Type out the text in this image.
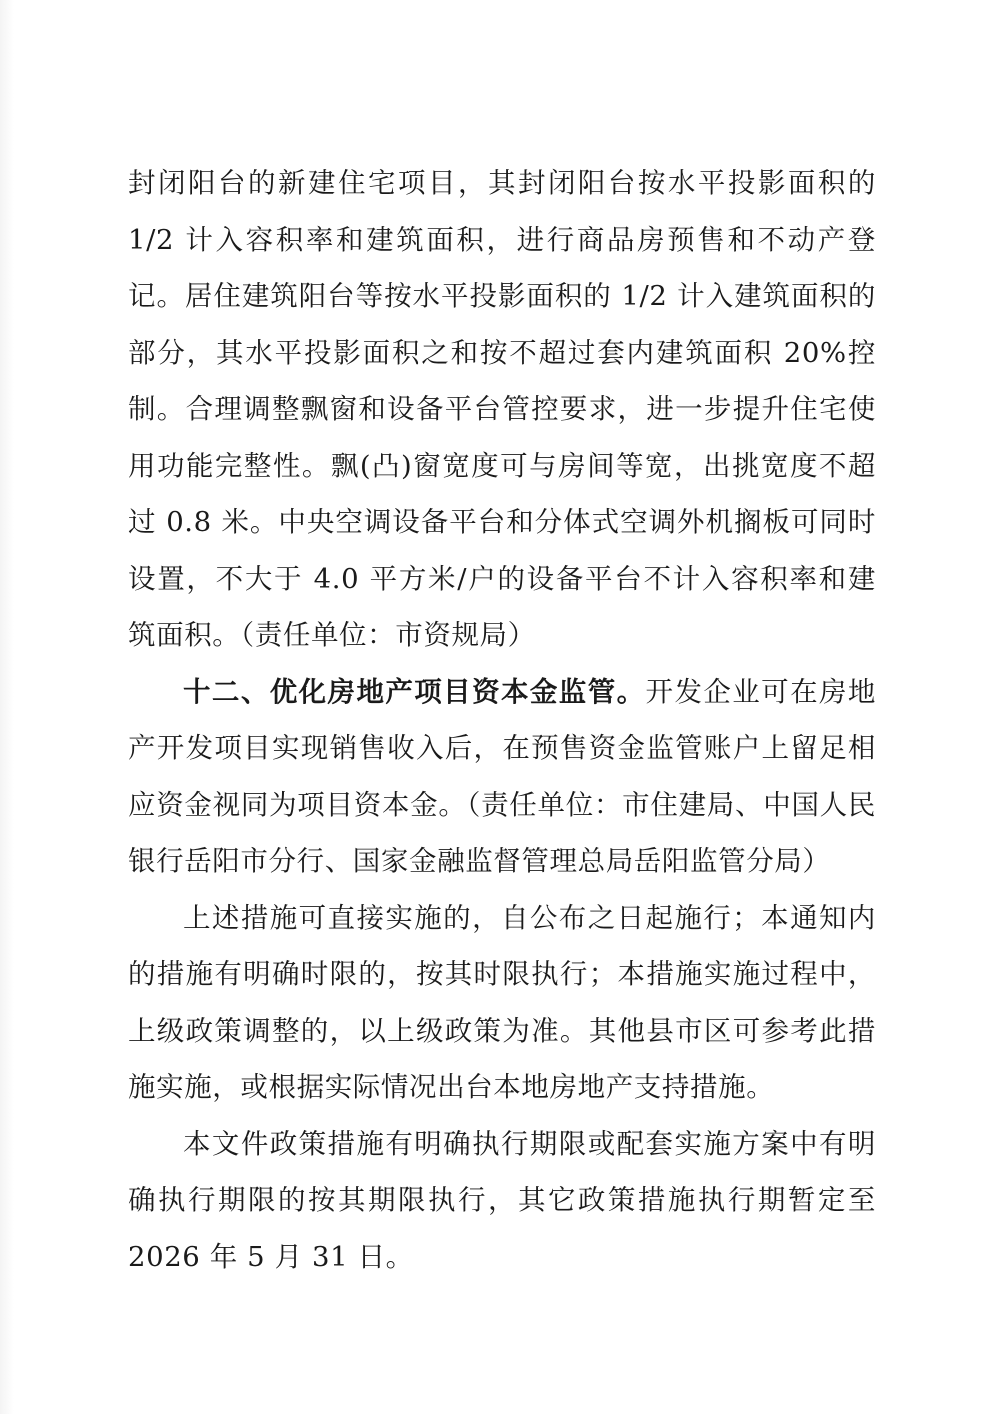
封闭阳台的新建住宅项目，其封闭阳台按水平投影面积的 1/2 计入容积率和建筑面积，进行商品房预售和不动产登记。居住建筑阳台等按水平投影面积的 1/2 计入建筑面积的部分，其水平投影面积之和按不超过套内建筑面积 20%控制。合理调整飘窗和设备平台管控要求，进一步提升住宅使用功能完整性。飘(凸)窗宽度可与房间等宽，出挑宽度不超过 0.8 米。中央空调设备平台和分体式空调外机搁板可同时设置，不大于 4.0 平方米/户的设备平台不计入容积率和建筑面积。（责任单位：市资规局）

十二、优化房地产项目资本金监管。开发企业可在房地产开发项目实现销售收入后，在预售资金监管账户上留足相应资金视同为项目资本金。（责任单位：市住建局、中国人民银行岳阳市分行、国家金融监督管理总局岳阳监管分局）

上述措施可直接实施的，自公布之日起施行；本通知内的措施有明确时限的，按其时限执行；本措施实施过程中，上级政策调整的，以上级政策为准。其他县市区可参考此措施实施，或根据实际情况出台本地房地产支持措施。

本文件政策措施有明确执行期限或配套实施方案中有明确执行期限的按其期限执行，其它政策措施执行期暂定至 2026 年 5 月 31 日。
